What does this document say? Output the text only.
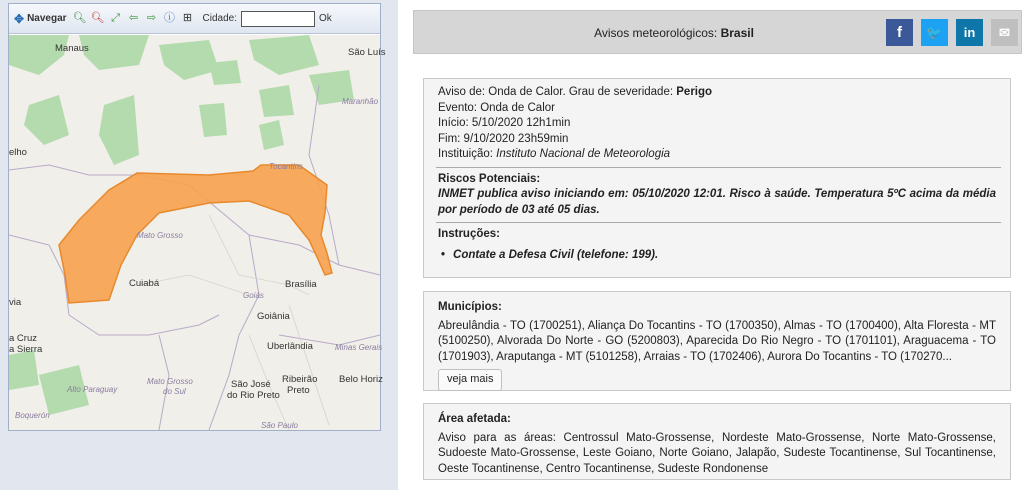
✥ Navegar 🔍︎ 🔍︎ ⤢ ⇦ ⇨ ⓘ ⊞ Cidade:	Ok
Manaus	São Luís
Maranhão
elho
Tocantins
Mato Grosso
Cuiabá	Brasília
Goiás
Goiânia
via
a Cruz
a Sierra	Uberlândia	Minas Gerais
Mato Grosso
do Sul
Alto Paraguay	São José
do Rio Preto
Ribeirão
Preto
Belo Horiz
Boquerón
São Paulo
Avisos meteorológicos: Brasil	f 🐦 in ✉
Aviso de: Onda de Calor. Grau de severidade: Perigo
Evento: Onda de Calor
Início: 5/10/2020 12h1min
Fim: 9/10/2020 23h59min
Instituição: Instituto Nacional de Meteorologia
Riscos Potenciais:
INMET publica aviso iniciando em: 05/10/2020 12:01. Risco à saúde. Temperatura 5ºC acima da média por período de 03 até 05 dias.
Instruções:
• Contate a Defesa Civil (telefone: 199).
Municípios:
Abreulândia - TO (1700251), Aliança Do Tocantins - TO (1700350), Almas - TO (1700400), Alta Floresta - MT (5100250), Alvorada Do Norte - GO (5200803), Aparecida Do Rio Negro - TO (1701101), Araguacema - TO (1701903), Araputanga - MT (5101258), Arraias - TO (1702406), Aurora Do Tocantins - TO (170270...
veja mais
Área afetada:
Aviso para as áreas: Centrossul Mato-Grossense, Nordeste Mato-Grossense, Norte Mato-Grossense, Sudoeste Mato-Grossense, Leste Goiano, Norte Goiano, Jalapão, Sudeste Tocantinense, Sul Tocantinense, Oeste Tocantinense, Centro Tocantinense, Sudeste Rondonense
